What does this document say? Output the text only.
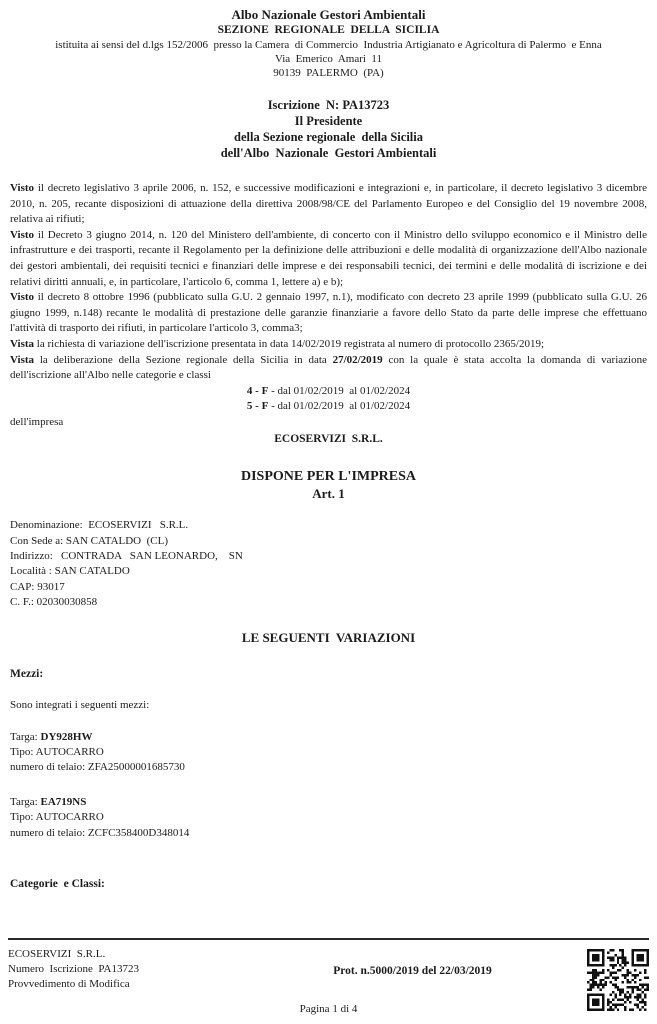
Albo Nazionale Gestori Ambientali
SEZIONE  REGIONALE  DELLA  SICILIA
istituita ai sensi del d.lgs 152/2006  presso la Camera  di Commercio  Industria Artigianato e Agricoltura di Palermo  e Enna
Via  Emerico  Amari  11
90139  PALERMO  (PA)
Iscrizione  N: PA13723
Il Presidente
della Sezione regionale  della Sicilia
dell'Albo  Nazionale  Gestori Ambientali

Visto il decreto legislativo 3 aprile 2006, n. 152, e successive modificazioni e integrazioni e, in particolare, il decreto legislativo 3 dicembre 2010, n. 205, recante disposizioni di attuazione della direttiva 2008/98/CE del Parlamento Europeo e del Consiglio del 19 novembre 2008, relativa ai rifiuti;

Visto il Decreto 3 giugno 2014, n. 120 del Ministero dell'ambiente, di concerto con il Ministro dello sviluppo economico e il Ministro delle infrastrutture e dei trasporti, recante il Regolamento per la definizione delle attribuzioni e delle modalità di organizzazione dell'Albo nazionale dei gestori ambientali, dei requisiti tecnici e finanziari delle imprese e dei responsabili tecnici, dei termini e delle modalità di iscrizione e dei relativi diritti annuali, e, in particolare, l'articolo 6, comma 1, lettere a) e b);

Visto il decreto 8 ottobre 1996 (pubblicato sulla G.U. 2 gennaio 1997, n.1), modificato con decreto 23 aprile 1999 (pubblicato sulla G.U. 26 giugno 1999, n.148) recante le modalità di prestazione delle garanzie finanziarie a favore dello Stato da parte delle imprese che effettuano l'attività di trasporto dei rifiuti, in particolare l'articolo 3, comma3;

Vista la richiesta di variazione dell'iscrizione presentata in data 14/02/2019 registrata al numero di protocollo 2365/2019;

Vista la deliberazione della Sezione regionale della Sicilia in data 27/02/2019 con la quale è stata accolta la domanda di variazione dell'iscrizione all'Albo nelle categorie e classi

4 - F - dal 01/02/2019  al 01/02/2024
5 - F - dal 01/02/2019  al 01/02/2024
dell'impresa
ECOSERVIZI  S.R.L.
DISPONE PER L'IMPRESA
Art. 1
Denominazione:  ECOSERVIZI   S.R.L.
Con Sede a: SAN CATALDO  (CL)
Indirizzo:   CONTRADA   SAN LEONARDO,    SN
Località : SAN CATALDO
CAP: 93017
C. F.: 02030030858
LE SEGUENTI  VARIAZIONI
Mezzi:
Sono integrati i seguenti mezzi:
Targa: DY928HW
Tipo: AUTOCARRO
numero di telaio: ZFA25000001685730
Targa: EA719NS
Tipo: AUTOCARRO
numero di telaio: ZCFC358400D348014
Categorie  e Classi:
ECOSERVIZI  S.R.L.
Numero  Iscrizione  PA13723
Provvedimento di Modifica
Prot. n.5000/2019 del 22/03/2019
Pagina 1 di 4
